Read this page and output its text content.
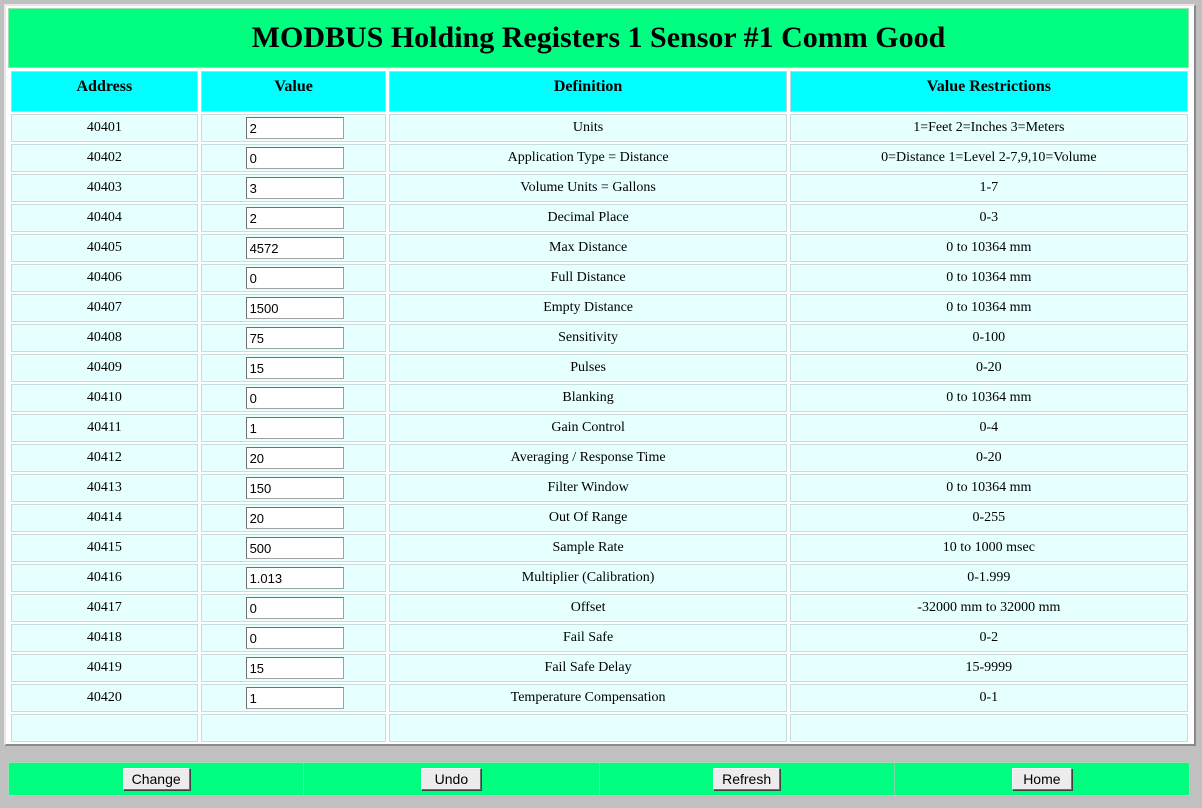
MODBUS Holding Registers 1 Sensor #1 Comm Good
Address	Value	Definition	Value Restrictions
40401	2	Units	1=Feet 2=Inches 3=Meters
40402	0	Application Type = Distance	0=Distance 1=Level 2-7,9,10=Volume
40403	3	Volume Units = Gallons	1-7
40404	2	Decimal Place	0-3
40405	4572	Max Distance	0 to 10364 mm
40406	0	Full Distance	0 to 10364 mm
40407	1500	Empty Distance	0 to 10364 mm
40408	75	Sensitivity	0-100
40409	15	Pulses	0-20
40410	0	Blanking	0 to 10364 mm
40411	1	Gain Control	0-4
40412	20	Averaging / Response Time	0-20
40413	150	Filter Window	0 to 10364 mm
40414	20	Out Of Range	0-255
40415	500	Sample Rate	10 to 1000 msec
40416	1.013	Multiplier (Calibration)	0-1.999
40417	0	Offset	-32000 mm to 32000 mm
40418	0	Fail Safe	0-2
40419	15	Fail Safe Delay	15-9999
40420	1	Temperature Compensation	0-1

Change	Undo	Refresh	Home
